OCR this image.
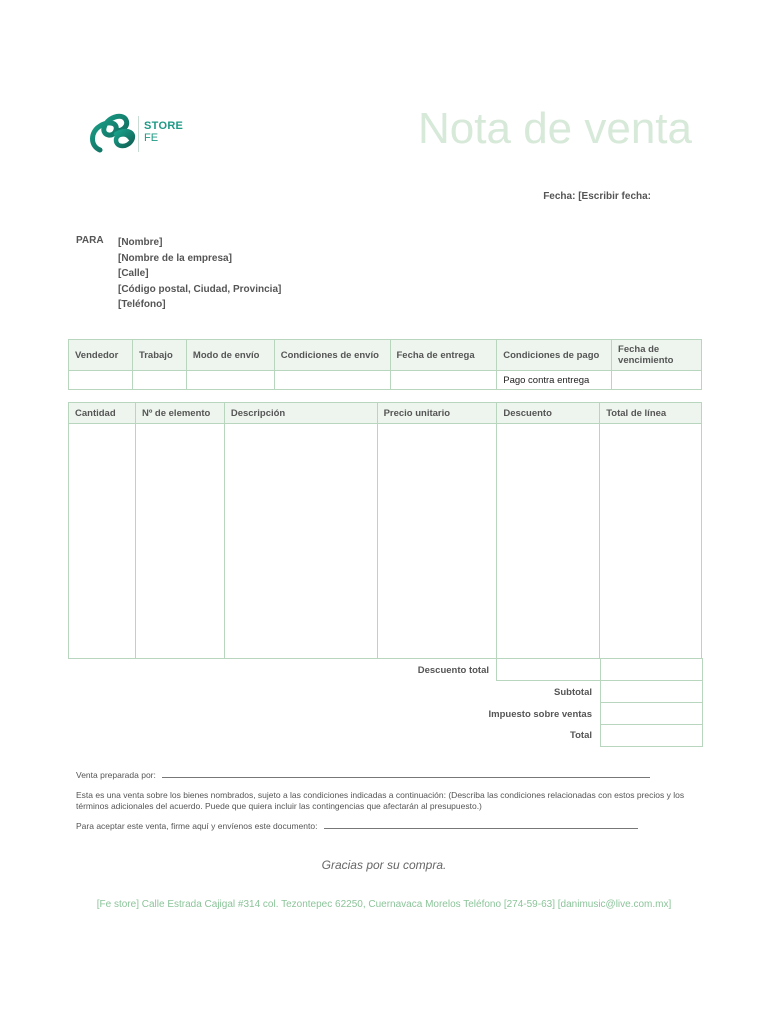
STORE
FE	Nota de venta
Fecha: [Escribir fecha:
PARA [Nombre]
[Nombre de la empresa]
[Calle]
[Código postal, Ciudad, Provincia]
[Teléfono]
Vendedor	Trabajo	Modo de envío	Condiciones de envío	Fecha de entrega	Condiciones de pago	Fecha de vencimiento
					Pago contra entrega	
Cantidad	Nº de elemento	Descripción	Precio unitario	Descuento	Total de línea

Descuento total
Subtotal
Impuesto sobre ventas
Total
Venta preparada por:
Esta es una venta sobre los bienes nombrados, sujeto a las condiciones indicadas a continuación: (Describa las condiciones relacionadas con estos precios y los términos adicionales del acuerdo. Puede que quiera incluir las contingencias que afectarán al presupuesto.)
Para aceptar este venta, firme aquí y envíenos este documento:
Gracias por su compra.
[Fe store] Calle Estrada Cajigal #314 col. Tezontepec 62250, Cuernavaca Morelos Teléfono [274-59-63] [danimusic@live.com.mx]
